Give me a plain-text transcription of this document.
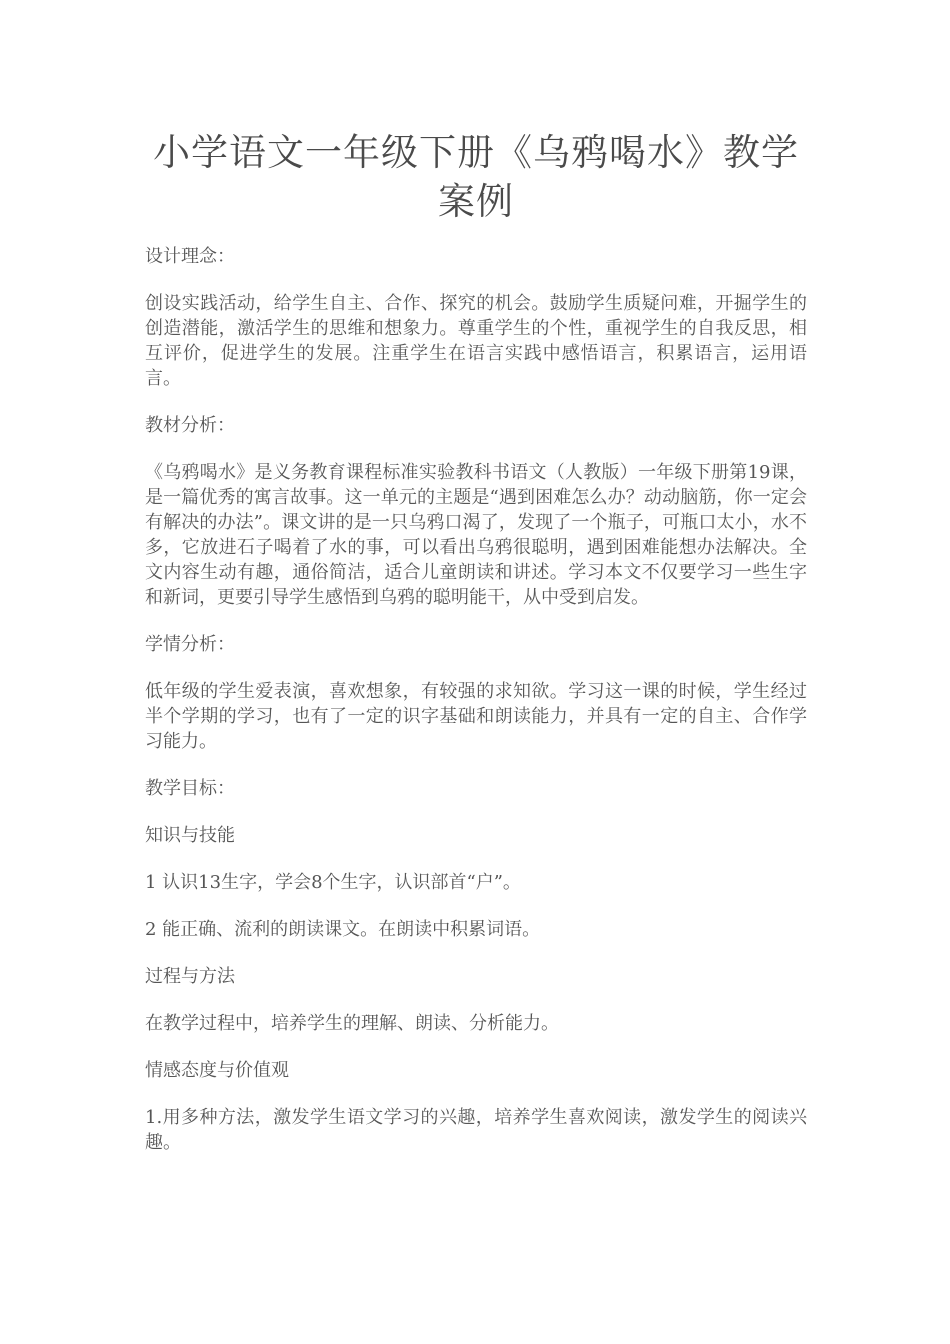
小学语文一年级下册《乌鸦喝水》教学案例

设计理念：

创设实践活动，给学生自主、合作、探究的机会。鼓励学生质疑问难，开掘学生的创造潜能，激活学生的思维和想象力。尊重学生的个性，重视学生的自我反思，相互评价，促进学生的发展。注重学生在语言实践中感悟语言，积累语言，运用语言。

教材分析：

《乌鸦喝水》是义务教育课程标准实验教科书语文（人教版）一年级下册第19课，是一篇优秀的寓言故事。这一单元的主题是“遇到困难怎么办？动动脑筋，你一定会有解决的办法”。课文讲的是一只乌鸦口渴了，发现了一个瓶子，可瓶口太小，水不多，它放进石子喝着了水的事，可以看出乌鸦很聪明，遇到困难能想办法解决。全文内容生动有趣，通俗简洁，适合儿童朗读和讲述。学习本文不仅要学习一些生字和新词，更要引导学生感悟到乌鸦的聪明能干，从中受到启发。

学情分析：

低年级的学生爱表演，喜欢想象，有较强的求知欲。学习这一课的时候，学生经过半个学期的学习，也有了一定的识字基础和朗读能力，并具有一定的自主、合作学习能力。

教学目标：

知识与技能

1 认识13生字，学会8个生字，认识部首“户”。

2 能正确、流利的朗读课文。在朗读中积累词语。

过程与方法

在教学过程中，培养学生的理解、朗读、分析能力。

情感态度与价值观

1.用多种方法，激发学生语文学习的兴趣，培养学生喜欢阅读，激发学生的阅读兴趣。
